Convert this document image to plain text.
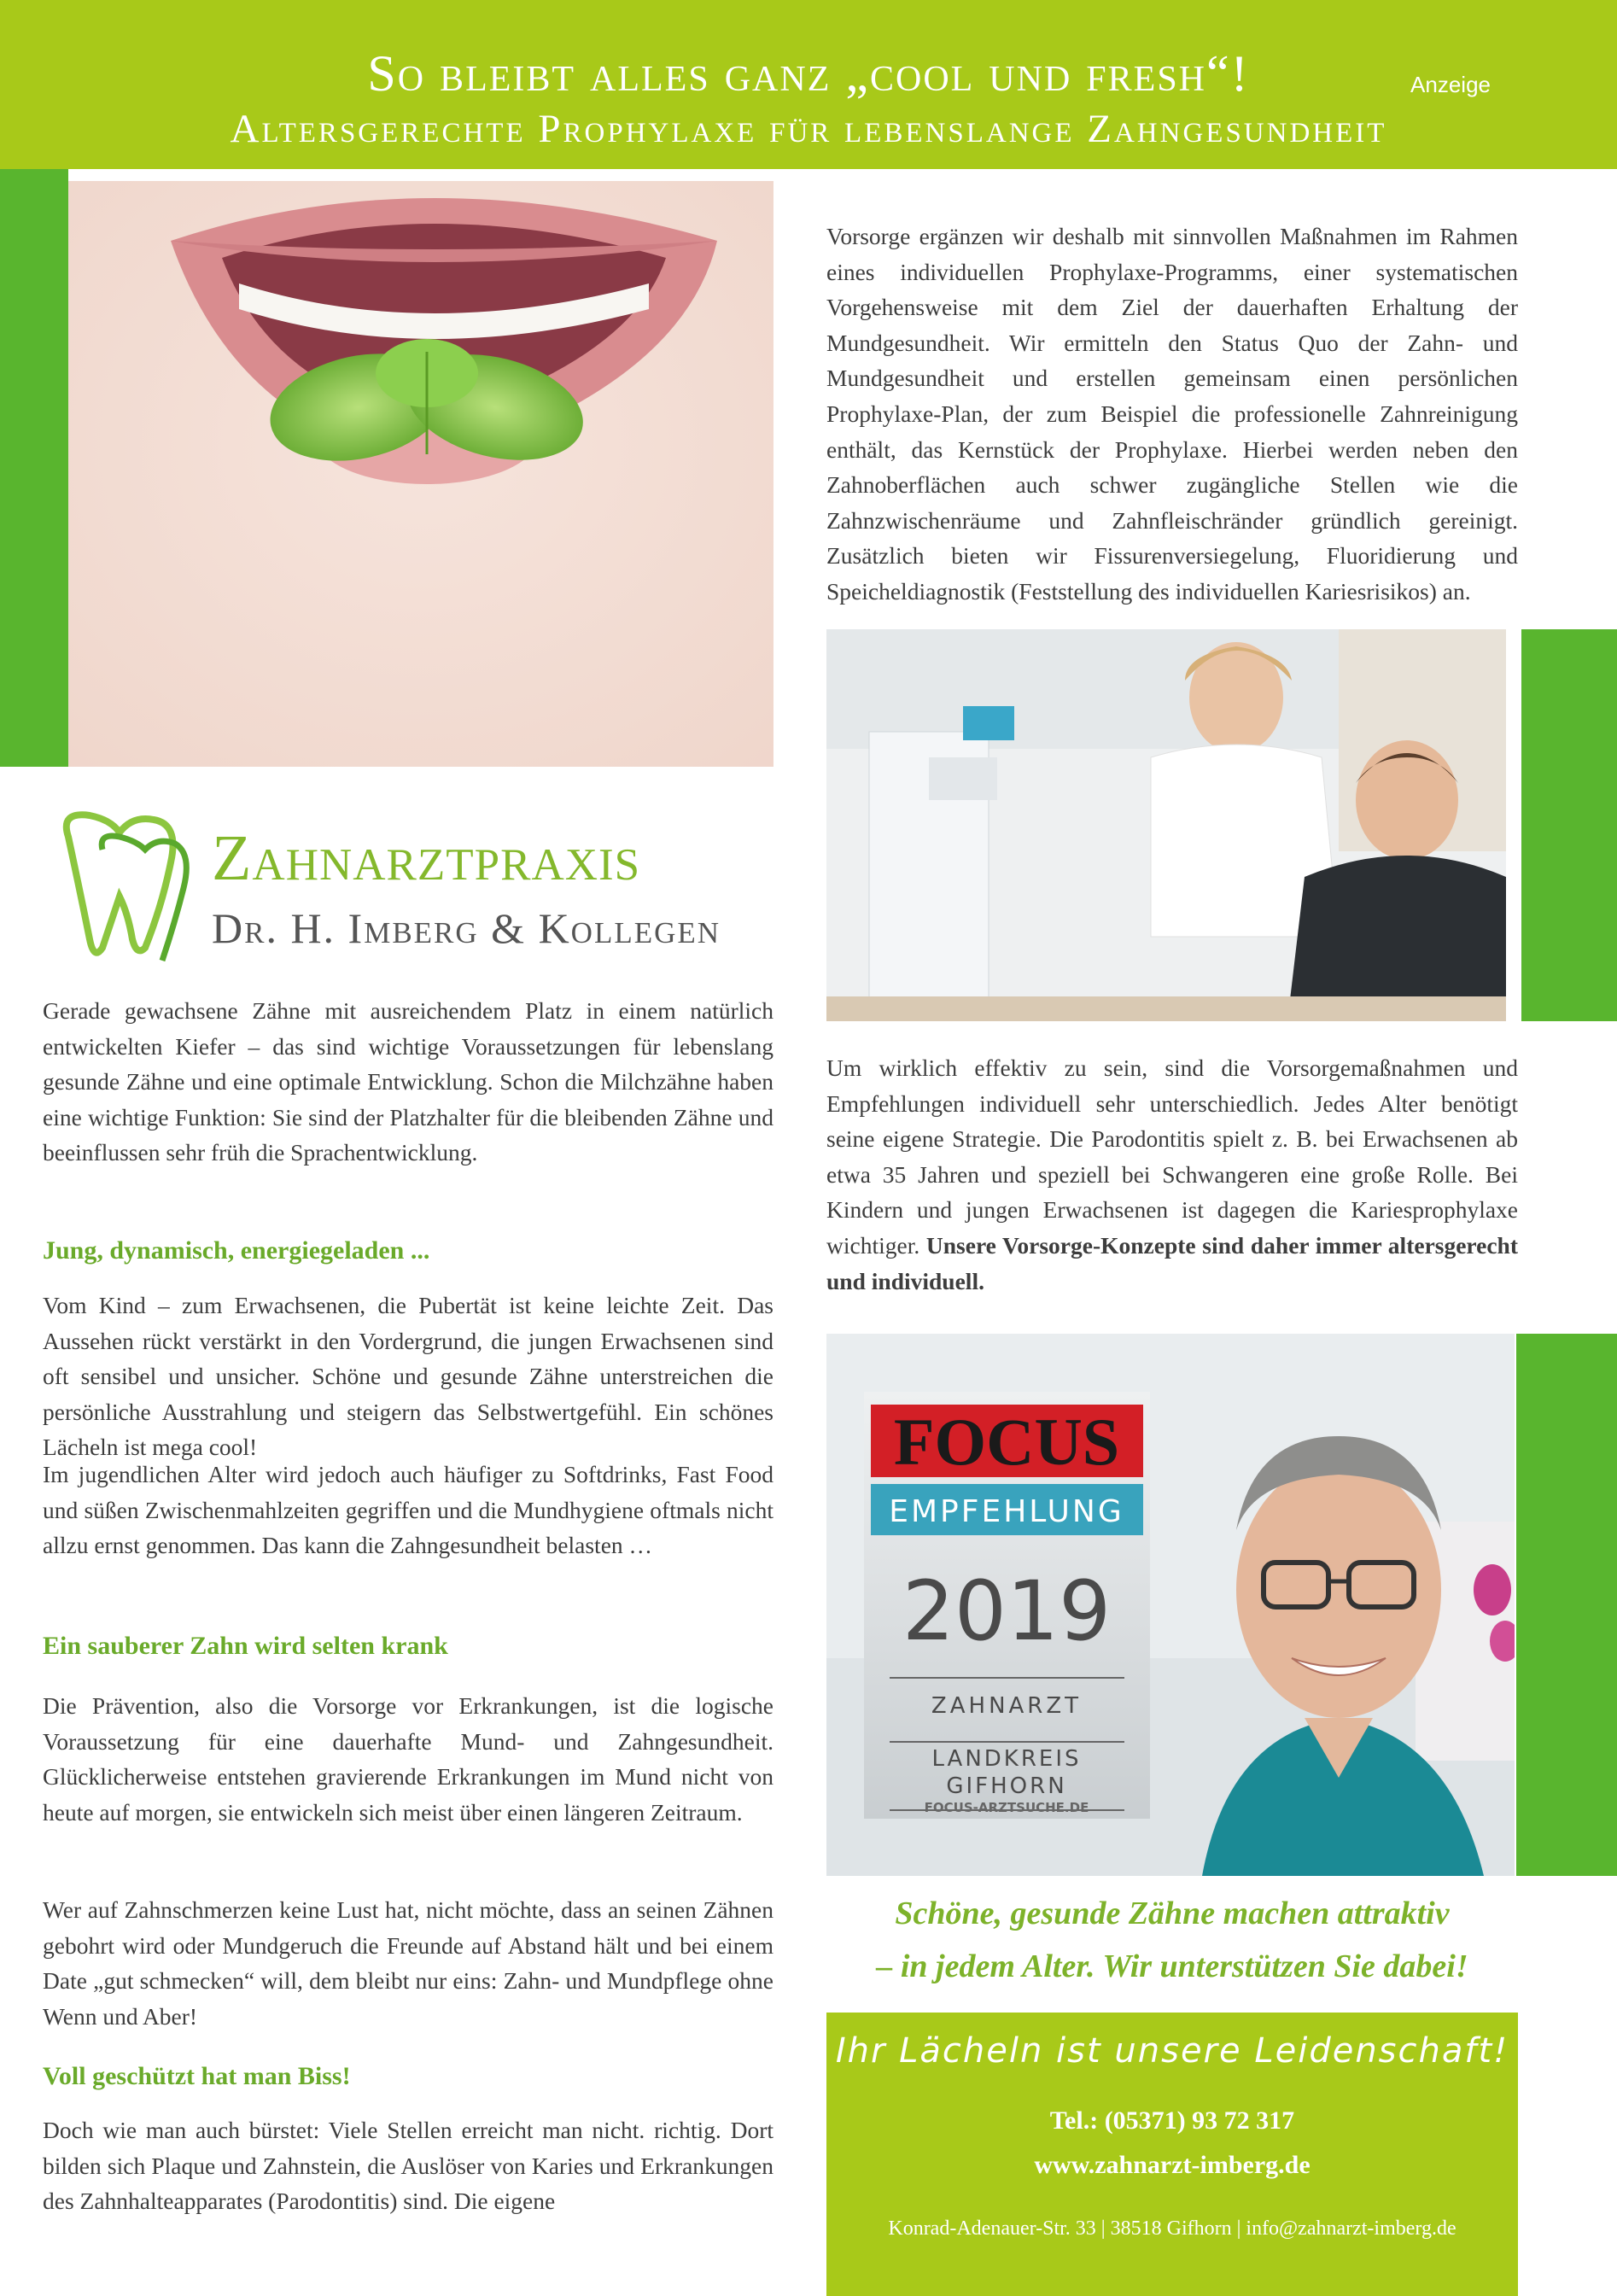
So bleibt alles ganz „cool und fresh“!
Altersgerechte Prophylaxe für lebenslange Zahngesundheit
Anzeige
Vorsorge ergänzen wir deshalb mit sinnvollen Maßnahmen im Rahmen eines individuellen Prophylaxe-Programms, einer systematischen Vorgehensweise mit dem Ziel der dauerhaften Erhaltung der Mundgesundheit. Wir ermitteln den Status Quo der Zahn- und Mundgesundheit und erstellen gemeinsam einen persönlichen Prophylaxe-Plan, der zum Beispiel die professionelle Zahnreinigung enthält, das Kernstück der Prophylaxe. Hierbei werden neben den Zahnoberflächen auch schwer zugängliche Stellen wie die Zahnzwischenräume und Zahnfleischränder gründlich gereinigt. Zusätzlich bieten wir Fissurenversiegelung, Fluoridierung und Speicheldiagnostik (Feststellung des individuellen Kariesrisikos) an.
Zahnarztpraxis
Dr. H. Imberg & Kollegen
Gerade gewachsene Zähne mit ausreichendem Platz in einem natürlich entwickelten Kiefer – das sind wichtige Voraussetzungen für lebenslang gesunde Zähne und eine optimale Entwicklung. Schon die Milchzähne haben eine wichtige Funktion: Sie sind der Platzhalter für die bleibenden Zähne und beeinflussen sehr früh die Sprachentwicklung.
Jung, dynamisch, energiegeladen ...
Vom Kind – zum Erwachsenen, die Pubertät ist keine leichte Zeit. Das Aussehen rückt verstärkt in den Vordergrund, die jungen Erwachsenen sind oft sensibel und unsicher. Schöne und gesunde Zähne unterstreichen die persönliche Ausstrahlung und steigern das Selbstwertgefühl. Ein schönes Lächeln ist mega cool!
Im jugendlichen Alter wird jedoch auch häufiger zu Softdrinks, Fast Food und süßen Zwischenmahlzeiten gegriffen und die Mundhygiene oftmals nicht allzu ernst genommen. Das kann die Zahngesundheit belasten …
Ein sauberer Zahn wird selten krank
Die Prävention, also die Vorsorge vor Erkrankungen, ist die logische Voraussetzung für eine dauerhafte Mund- und Zahngesundheit. Glücklicherweise entstehen gravierende Erkrankungen im Mund nicht von heute auf morgen, sie entwickeln sich meist über einen längeren Zeitraum.
Wer auf Zahnschmerzen keine Lust hat, nicht möchte, dass an seinen Zähnen gebohrt wird oder Mundgeruch die Freunde auf Abstand hält und bei einem Date „gut schmecken“ will, dem bleibt nur eins: Zahn- und Mundpflege ohne Wenn und Aber!
Voll geschützt hat man Biss!
Doch wie man auch bürstet: Viele Stellen erreicht man nicht. richtig. Dort bilden sich Plaque und Zahnstein, die Auslöser von Karies und Erkrankungen des Zahnhalteapparates (Parodontitis) sind. Die eigene
Um wirklich effektiv zu sein, sind die Vorsorgemaßnahmen und Empfehlungen individuell sehr unterschiedlich. Jedes Alter benötigt seine eigene Strategie. Die Parodontitis spielt z. B. bei Erwachsenen ab etwa 35 Jahren und speziell bei Schwangeren eine große Rolle. Bei Kindern und jungen Erwachsenen ist dagegen die Kariesprophylaxe wichtiger. Unsere Vorsorge-Konzepte sind daher immer altersgerecht und individuell.
FOCUS
EMPFEHLUNG
2019
ZAHNARZT
LANDKREIS
GIFHORN
FOCUS-ARZTSUCHE.DE
Schöne, gesunde Zähne machen attraktiv
– in jedem Alter. Wir unterstützen Sie dabei!
Ihr Lächeln ist unsere Leidenschaft!
Tel.: (05371) 93 72 317
www.zahnarzt-imberg.de
Konrad-Adenauer-Str. 33 | 38518 Gifhorn | info@zahnarzt-imberg.de
